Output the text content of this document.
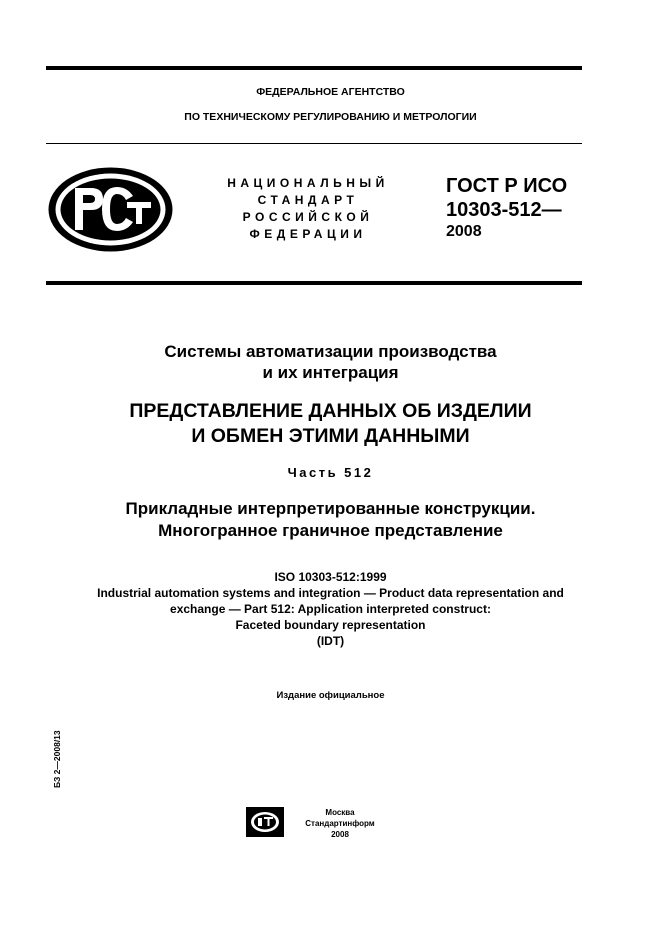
ФЕДЕРАЛЬНОЕ АГЕНТСТВО
ПО ТЕХНИЧЕСКОМУ РЕГУЛИРОВАНИЮ И МЕТРОЛОГИИ
НАЦИОНАЛЬНЫЙ
СТАНДАРТ
РОССИЙСКОЙ
ФЕДЕРАЦИИ
ГОСТ Р ИСО
10303-512—
2008
Системы автоматизации производства
и их интеграция
ПРЕДСТАВЛЕНИЕ ДАННЫХ ОБ ИЗДЕЛИИ
И ОБМЕН ЭТИМИ ДАННЫМИ
Часть 512
Прикладные интерпретированные конструкции.
Многогранное граничное представление
ISO 10303-512:1999
Industrial automation systems and integration — Product data representation and
exchange — Part 512: Application interpreted construct:
Faceted boundary representation
(IDT)
Издание официальное
БЗ 2—2008/13
Москва
Стандартинформ
2008
